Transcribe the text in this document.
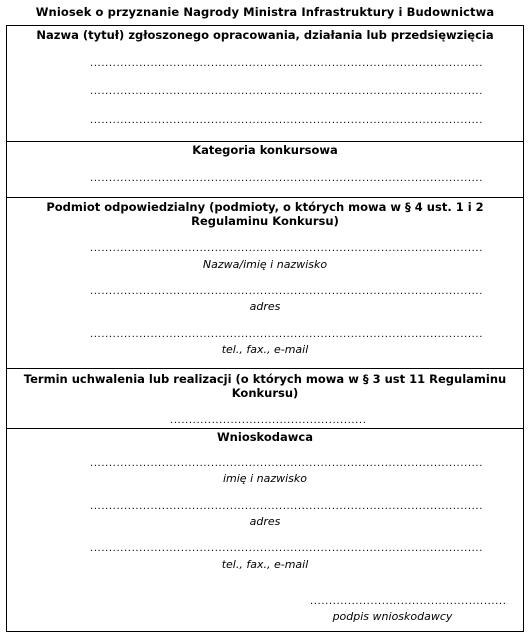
Wniosek o przyznanie Nagrody Ministra Infrastruktury i Budownictwa
Nazwa (tytuł) zgłoszonego opracowania, działania lub przedsięwzięcia
........................................................................................................
........................................................................................................
........................................................................................................
Kategoria konkursowa
........................................................................................................
Podmiot odpowiedzialny (podmioty, o których mowa w § 4 ust. 1 i 2 Regulaminu Konkursu)
........................................................................................................
Nazwa/imię i nazwisko
........................................................................................................
adres
........................................................................................................
tel., fax., e-mail
Termin uchwalenia lub realizacji (o których mowa w § 3 ust 11 Regulaminu Konkursu)
....................................................
Wnioskodawca
........................................................................................................
imię i nazwisko
........................................................................................................
adres
........................................................................................................
tel., fax., e-mail
....................................................
podpis wnioskodawcy
